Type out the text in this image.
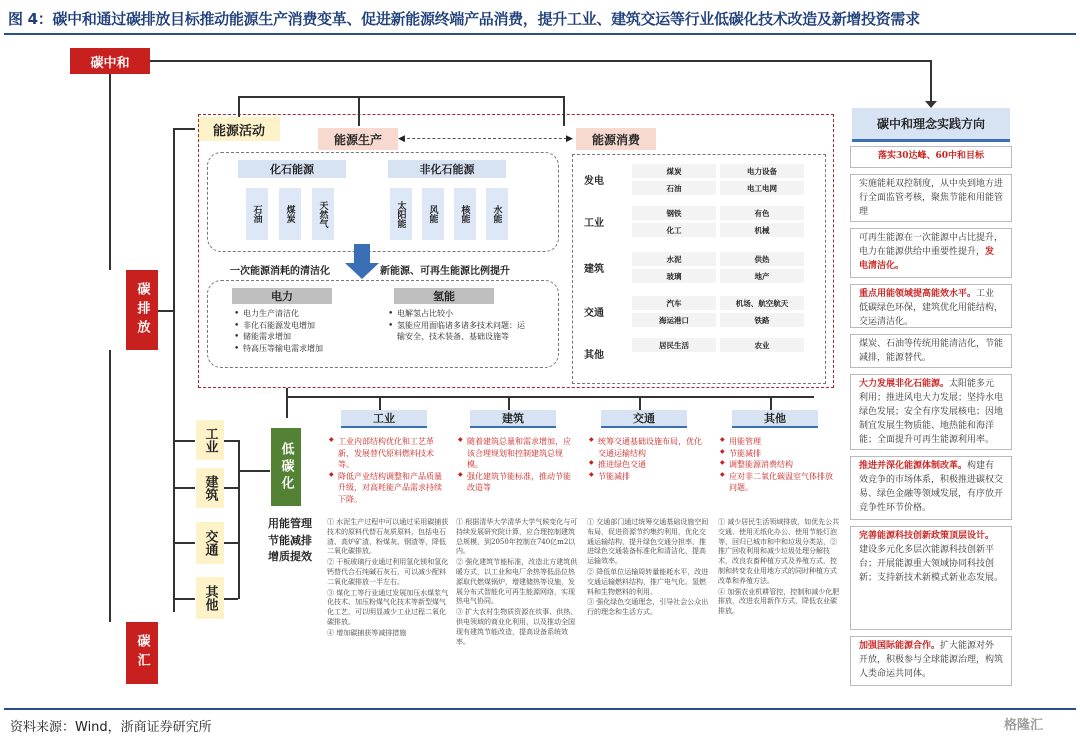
图 4：碳中和通过碳排放目标推动能源生产消费变革、促进新能源终端产品消费，提升工业、建筑交运等行业低碳化技术改造及新增投资需求
碳中和
碳排放
碳汇
能源活动
能源生产	◀	▶	能源消费
化石能源	非化石能源
石油	煤炭	天然气	太阳能	风能	核能	水能
一次能源消耗的清洁化	新能源、可再生能源比例提升
电力	氢能
• 电力生产清洁化
• 非化石能源发电增加
• 储能需求增加
• 特高压等输电需求增加
• 电解氢占比较小
• 氢能应用面临诸多诸多技术问题：运输安全、技术装备、基础设施等
发电
煤炭	电力设备
石油	电工电网
工业
钢铁	有色
化工	机械
建筑
水泥	供热
玻璃	地产
交通
汽车	机场、航空航天
海运港口	铁路
其他
居民生活	农业
工业
建筑
交通
其他
低碳化
用能管理
节能减排
增质提效
工业
◆ 工业内部结构优化和工艺革新，发展替代原料燃料技术等。
◆ 降低产业结构调整和产品质量升级，对高耗能产品需求持续下降。
① 水泥生产过程中可以通过采用碳捕获技术的原料代替石灰质原料，包括电石渣、高炉矿渣、粉煤灰、钢渣等，降低二氧化碳排放。
② 干板玻璃行业通过利用氢化镁和氢化钙替代合石纯碱石灰石，可以减少配料二氧化碳排放一半左右。
③ 煤化工等行业通过发展加压水煤浆气化技术、加压粉煤气化技术等新型煤气化工艺，可以明显减少工业过程二氧化碳排放。
④ 增加碳捕获等减排措施
建筑
◆ 随着建筑总量和需求增加，应该合理规划和控制建筑总规模。
◆ 强化建筑节能标准，推动节能改造等
① 根据清华大学清华大学气候变化与可持续发展研究院计算，应合理控制建筑总规模，到2050年控制在740亿m2以内。
② 强化建筑节能标准，改造北方建筑供暖方式，以工业和电厂余热等低品位热源取代燃煤锅炉，增建储热等设施，发展分布式智能化可再生能源网络，实现热电气协同。
③ 扩大农村生物质资源在炊事、供热、供电领域的商业化利用，以及推动全国现有建筑节能改造，提高设备系统效率。
交通
◆ 统筹交通基础设施布局，优化交通运输结构
◆ 推进绿色交通
◆ 节能减排
① 交通部门通过统筹交通基础设施空间布局，促进资源节约集约利用，优化交通运输结构，提升绿色交通分担率，推进绿色交通装备标准化和清洁化，提高运输效率。
② 降低单位运输周转量能耗水平，改进交通运输燃料结构，推广电气化、氢燃料和生物燃料的利用。
③ 强化绿色交通理念，引导社会公众出行的理念和生活方式。
其他
◆ 用能管理
◆ 节能减排
◆ 调整能源消费结构
◆ 应对非二氧化碳温室气体排放问题。
① 减少居民生活领域排放，如优先公共交通、使用无纸化办公、使用节能灯泡等，回归已城市和中和垃圾分类站，②推广回收利用和减少垃圾处理分解技术，改良农畜种植方式及养殖方式，控制和转变农业用地方式的同时种植方式改革和养殖方法。
④ 加强农业机耕管控，控制和减少化肥排放，改进农用新作方式，降低农业碳排放。
碳中和理念实践方向
落实30达峰、60中和目标
实施能耗双控制度，从中央到地方进行全面监管考核，聚焦节能和用能管理
可再生能源在一次能源中占比提升，电力在能源供给中重要性提升，发电清洁化。
重点用能领域提高能效水平。工业低碳绿色环保，建筑优化用能结构，交运清洁化。
煤炭、石油等传统用能清洁化，节能减排，能源替代。
大力发展非化石能源。太阳能多元利用；推进风电大力发展；坚持水电绿色发展；安全有序发展核电；因地制宜发展生物质能、地热能和海洋能；全面提升可再生能源利用率。
推进并深化能源体制改革。构建有效竞争的市场体系，积极推进碳权交易、绿色金融等领域发展，有序放开竞争性环节价格。
完善能源科技创新政策顶层设计。建设多元化多层次能源科技创新平台；开展能源重大领域协同科技创新；支持新技术新模式新业态发展。
加强国际能源合作。扩大能源对外开放，积极参与全球能源治理，构筑人类命运共同体。
资料来源：Wind，浙商证券研究所	格隆汇
